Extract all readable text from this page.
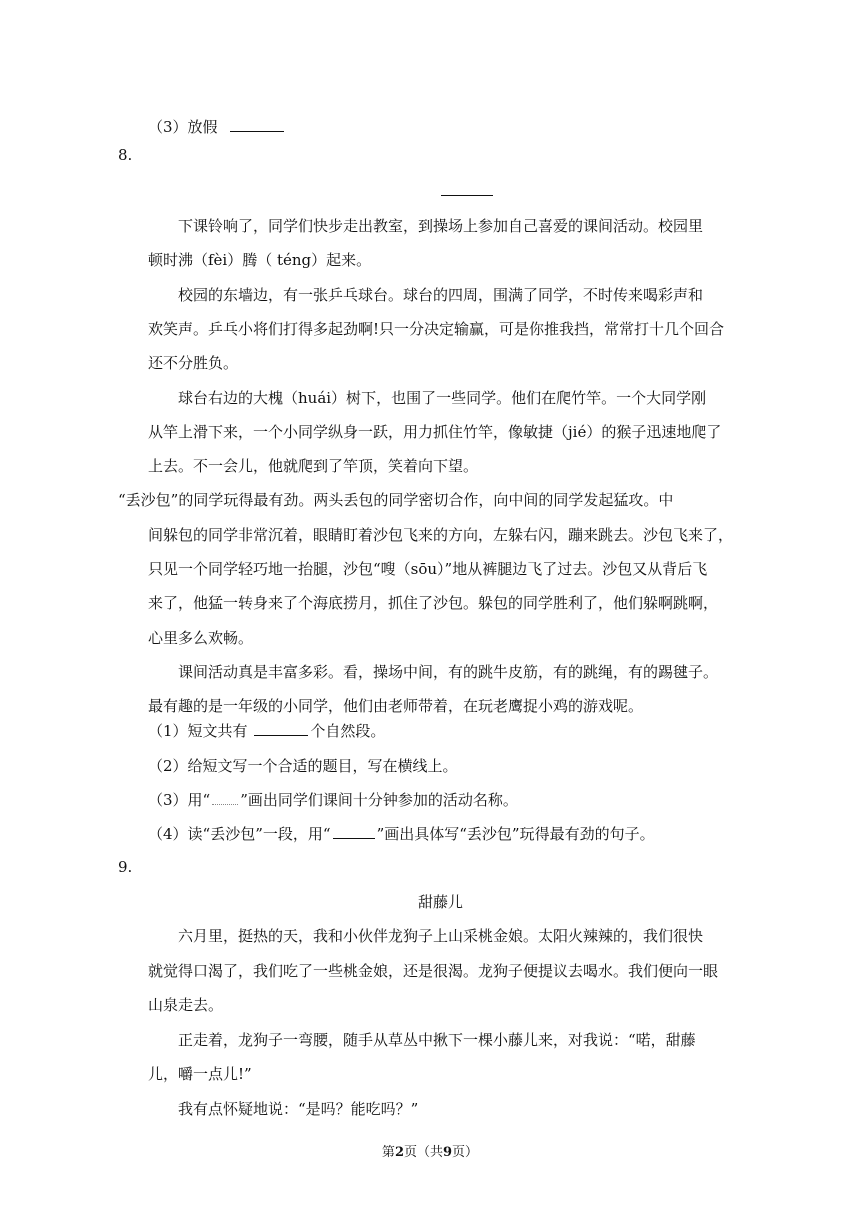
（3）放假
8.
下课铃响了，同学们快步走出教室，到操场上参加自己喜爱的课间活动。校园里
顿时沸（fèi）腾（ téng）起来。
校园的东墙边，有一张乒乓球台。球台的四周，围满了同学，不时传来喝彩声和
欢笑声。乒乓小将们打得多起劲啊!只一分决定输赢，可是你推我挡，常常打十几个回合
还不分胜负。
球台右边的大槐（huái）树下，也围了一些同学。他们在爬竹竿。一个大同学刚
从竿上滑下来，一个小同学纵身一跃，用力抓住竹竿，像敏捷（jié）的猴子迅速地爬了
上去。不一会儿，他就爬到了竿顶，笑着向下望。
“丢沙包”的同学玩得最有劲。两头丢包的同学密切合作，向中间的同学发起猛攻。中
间躲包的同学非常沉着，眼睛盯着沙包飞来的方向，左躲右闪，蹦来跳去。沙包飞来了，
只见一个同学轻巧地一抬腿，沙包“嗖（sōu）”地从裤腿边飞了过去。沙包又从背后飞
来了，他猛一转身来了个海底捞月，抓住了沙包。躲包的同学胜利了，他们躲啊跳啊，
心里多么欢畅。
课间活动真是丰富多彩。看，操场中间，有的跳牛皮筋，有的跳绳，有的踢毽子。
最有趣的是一年级的小同学，他们由老师带着，在玩老鹰捉小鸡的游戏呢。
（1）短文共有	个自然段。
（2）给短文写一个合适的题目，写在横线上。
（3）用“ ”画出同学们课间十分钟参加的活动名称。
（4）读“丢沙包”一段，用“	”画出具体写“丢沙包”玩得最有劲的句子。
9.
甜藤儿
六月里，挺热的天，我和小伙伴龙狗子上山采桃金娘。太阳火辣辣的，我们很快
就觉得口渴了，我们吃了一些桃金娘，还是很渴。龙狗子便提议去喝水。我们便向一眼
山泉走去。
正走着，龙狗子一弯腰，随手从草丛中揪下一棵小藤儿来，对我说：“喏，甜藤
儿，嚼一点儿!”
我有点怀疑地说：“是吗？能吃吗？”
第2页（共9页）
